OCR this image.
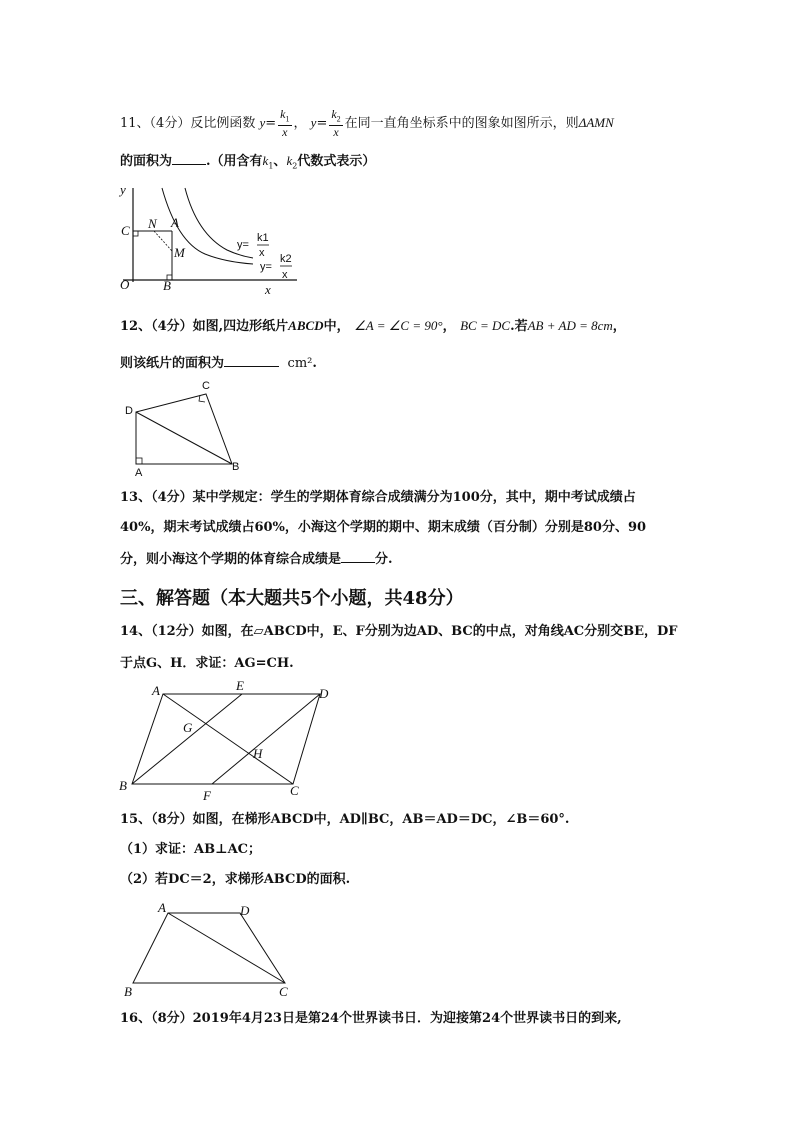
11、（4分）反比例函数 $y= \frac{k_1}{x}$ ， $y= \frac{k_2}{x}$ 在同一直角坐标系中的图象如图所示，则ΔAMN
的面积为	.（用含有$k_1$、$k_2$代数式表示）
y
x
O
C
B
N A
M	y=
k1
x
y=
k2
x
12、（4分）如图,四边形纸片ABCD中， ∠A = ∠C = 90°， BC = DC.若AB + AD = 8cm，
则该纸片的面积为	cm².
D
A	B
C
13、（4分）某中学规定：学生的学期体育综合成绩满分为100分，其中，期中考试成绩占
40%，期末考试成绩占60%，小海这个学期的期中、期末成绩（百分制）分别是80分、90
分，则小海这个学期的体育综合成绩是	分.
三、解答题（本大题共5个小题，共48分）
14、（12分）如图，在▱ABCD中，E、F分别为边AD、BC的中点，对角线AC分别交BE，DF
于点G、H．求证：AG=CH.
A	E
D
G
H
B
F	C
15、（8分）如图，在梯形ABCD中，AD∥BC，AB＝AD＝DC，∠B＝60°.
（1）求证：AB⊥AC；
（2）若DC＝2，求梯形ABCD的面积.
A	D
B	C
16、（8分）2019年4月23日是第24个世界读书日．为迎接第24个世界读书日的到来,
